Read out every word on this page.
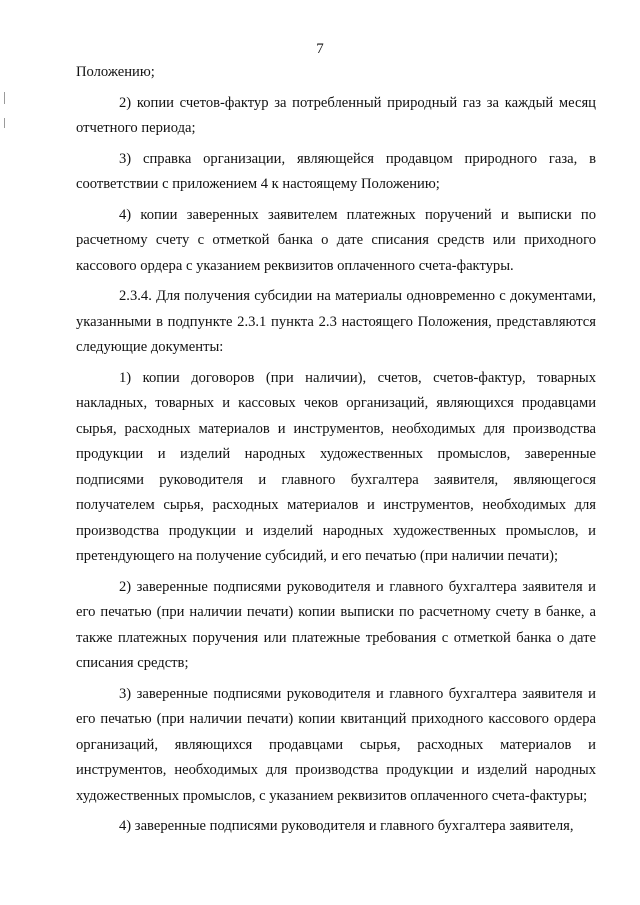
7

Положению;

2) копии счетов-фактур за потребленный природный газ за каждый месяц отчетного периода;

3) справка организации, являющейся продавцом природного газа, в соответствии с приложением 4 к настоящему Положению;

4) копии заверенных заявителем платежных поручений и выписки по расчетному счету с отметкой банка о дате списания средств или приходного кассового ордера с указанием реквизитов оплаченного счета-фактуры.

2.3.4. Для получения субсидии на материалы одновременно с документами, указанными в подпункте 2.3.1 пункта 2.3 настоящего Положения, представляются следующие документы:

1) копии договоров (при наличии), счетов, счетов-фактур, товарных накладных, товарных и кассовых чеков организаций, являющихся продавцами сырья, расходных материалов и инструментов, необходимых для производства продукции и изделий народных художественных промыслов, заверенные подписями руководителя и главного бухгалтера заявителя, являющегося получателем сырья, расходных материалов и инструментов, необходимых для производства продукции и изделий народных художественных промыслов, и претендующего на получение субсидий, и его печатью (при наличии печати);

2) заверенные подписями руководителя и главного бухгалтера заявителя и его печатью (при наличии печати) копии выписки по расчетному счету в банке, а также платежных поручения или платежные требования с отметкой банка о дате списания средств;

3) заверенные подписями руководителя и главного бухгалтера заявителя и его печатью (при наличии печати) копии квитанций приходного кассового ордера организаций, являющихся продавцами сырья, расходных материалов и инструментов, необходимых для производства продукции и изделий народных художественных промыслов, с указанием реквизитов оплаченного счета-фактуры;

4) заверенные подписями руководителя и главного бухгалтера заявителя,
